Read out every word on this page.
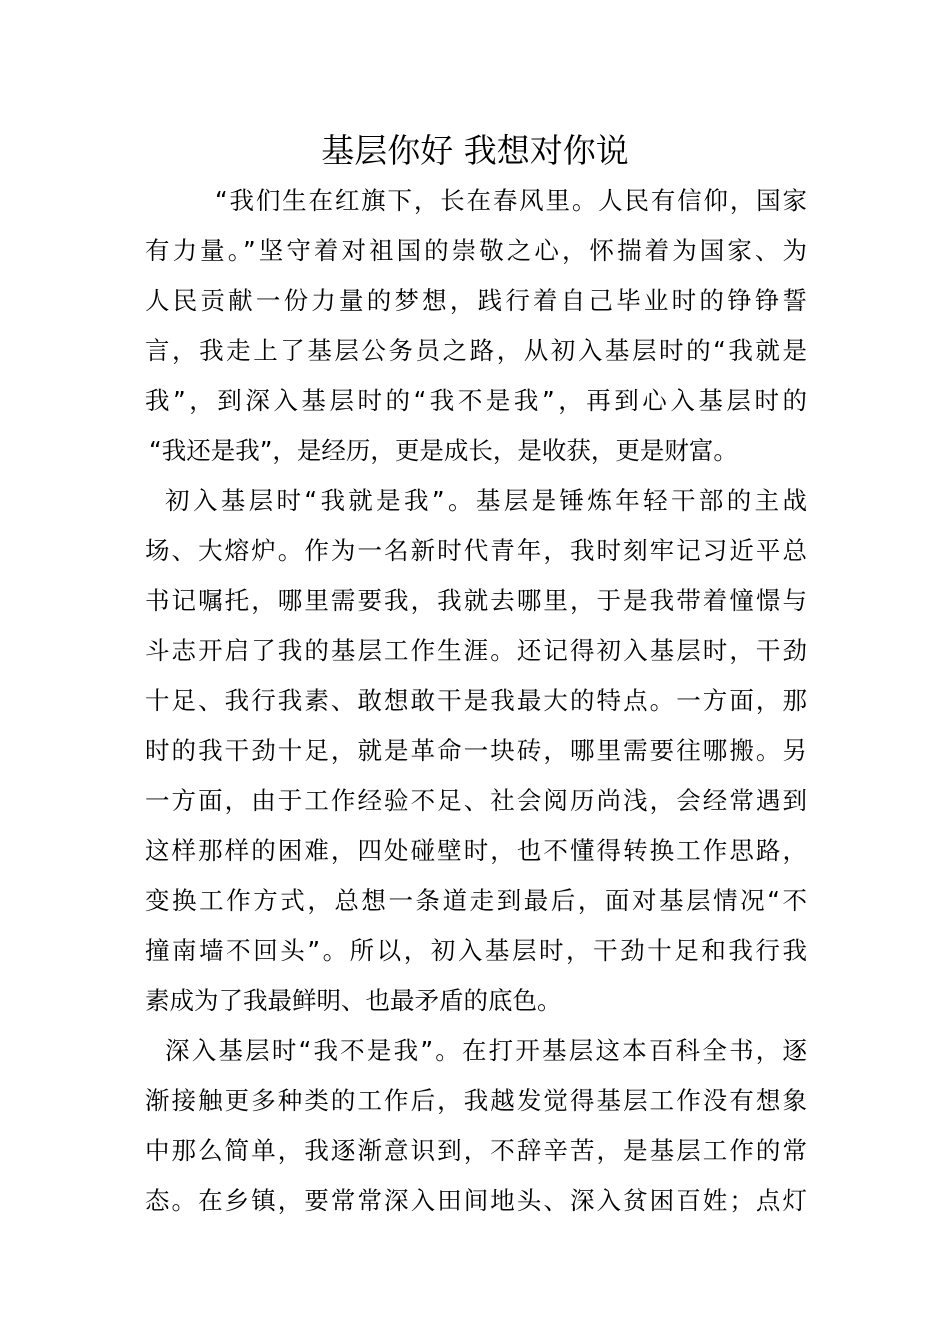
基层你好 我想对你说
“我们生在红旗下，长在春风里。人民有信仰，国家
有力量。”坚守着对祖国的崇敬之心，怀揣着为国家、为
人民贡献一份力量的梦想，践行着自己毕业时的铮铮誓
言，我走上了基层公务员之路，从初入基层时的“我就是
我”，到深入基层时的“我不是我”，再到心入基层时的
“我还是我”，是经历，更是成长，是收获，更是财富。
初入基层时“我就是我”。基层是锤炼年轻干部的主战
场、大熔炉。作为一名新时代青年，我时刻牢记习近平总
书记嘱托，哪里需要我，我就去哪里，于是我带着憧憬与
斗志开启了我的基层工作生涯。还记得初入基层时，干劲
十足、我行我素、敢想敢干是我最大的特点。一方面，那
时的我干劲十足，就是革命一块砖，哪里需要往哪搬。另
一方面，由于工作经验不足、社会阅历尚浅，会经常遇到
这样那样的困难，四处碰壁时，也不懂得转换工作思路，
变换工作方式，总想一条道走到最后，面对基层情况“不
撞南墙不回头”。所以，初入基层时，干劲十足和我行我
素成为了我最鲜明、也最矛盾的底色。
深入基层时“我不是我”。在打开基层这本百科全书，逐
渐接触更多种类的工作后，我越发觉得基层工作没有想象
中那么简单，我逐渐意识到，不辞辛苦，是基层工作的常
态。在乡镇，要常常深入田间地头、深入贫困百姓；点灯
